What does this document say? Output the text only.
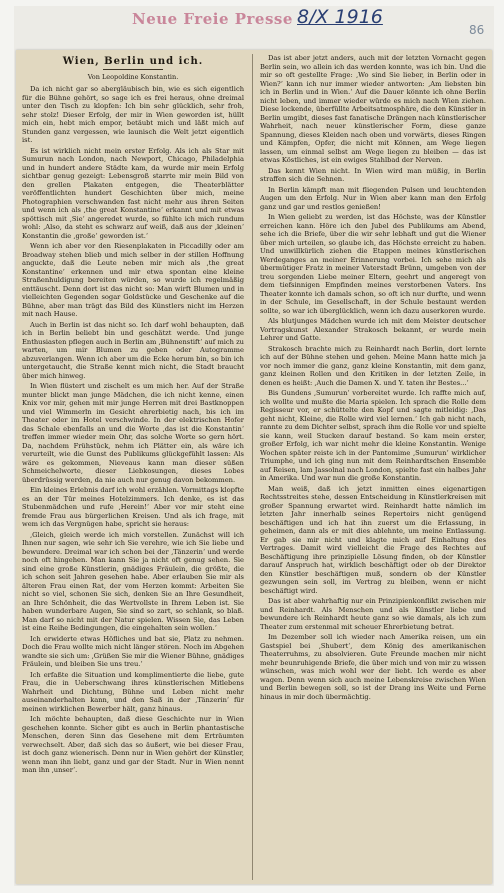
Neue Freie Presse 8/X 1916
86
Wien, Berlin und ich.
Von Leopoldine Konstantin.

Da ich nicht gar so abergläubisch bin, wie es sich eigentlich für die Bühne gehört, so sage ich es frei heraus, ohne dreimal unter den Tisch zu klopfen: Ich bin sehr glücklich, sehr froh, sehr stolz! Dieser Erfolg, der mir in Wien geworden ist, hüllt mich ein, hebt mich empor, betäubt mich und läßt mich auf Stunden ganz vergessen, wie launisch die Welt jetzt eigentlich ist.

Es ist wirklich nicht mein erster Erfolg. Als ich als Star mit Sumurun nach London, nach Newport, Chicago, Philadelphia und in hundert andere Städte kam, da wurde mir mein Erfolg sichtbar genug gezeigt: Lebensgroß starrte mir mein Bild von den grellen Plakaten entgegen, die Theaterblätter veröffentlichten hundert Geschichten über mich, meine Photographien verschwanden fast nicht mehr aus ihren Seiten und wenn ich als ‚the great Konstantine‘ erkannt und mit etwas spöttisch mit ‚Sie‘ angeredet wurde, so fühlte ich mich rundum wohl: ‚Also, da steht es schwarz auf weiß, daß aus der ‚kleinen‘ Konstantin die ‚große‘ geworden ist.‘

Wenn ich aber vor den Riesenplakaten in Piccadilly oder am Broadway stehen blieb und mich selber in der stillen Hoffnung anguckte, daß die Leute neben mir mich als ‚the great Konstantine‘ erkennen und mir etwa spontan eine kleine Straßenhuldigung bereiten würden, so wurde ich regelmäßig enttäuscht. Denn dort ist das nicht so: Man wirft Blumen und in vielleichten Gegenden sogar Goldstücke und Geschenke auf die Bühne, aber man trägt das Bild des Künstlers nicht im Herzen mit nach Hause.

Auch in Berlin ist das nicht so. Ich darf wohl behaupten, daß ich in Berlin beliebt bin und geschätzt werde. Und junge Enthusiasten pflegen auch in Berlin am ‚Bühnenstift‘ auf mich zu warten, um mir Blumen zu geben oder Autogramme abzuverlangen. Wenn ich aber um die Ecke herum bin, so bin ich untergetaucht, die Straße kennt mich nicht, die Stadt braucht über mich hinweg.

In Wien flüstert und zischelt es um mich her. Auf der Straße munter blickt man junge Mädchen, die ich nicht kenne, einen Knix vor mir, gehen mit mir junge Herren mit drei Bastknoppen und viel Wimmerln im Gesicht ehrerbietig nach, bis ich im Theater oder im Hotel verschwinde. In der elektrischen Hofer das Schale ebenfalls an und die Worte ‚das ist die Konstantin‘ treffen immer wieder mein Ohr, das solche Worte so gern hört. Da, nachdem Frühstück, nehm ich Plätter ein, als wäre ich verurteilt, wie die Gunst des Publikums glückgefühlt lassen: Als wäre es gekommen, Nieveaus kann man dieser süßen Schmeichelworte, dieser Liebkosungen, dieses Lobes überdrüssig werden, da nie auch nur genug davon bekommen.

Ein kleines Erlebnis darf ich wohl erzählen. Vormittags klopfte es an der Tür meines Hotelzimmers. Ich denke, es ist das Stubenmädchen und rufe ‚Herein!‘ Aber vor mir steht eine fremde Frau aus bürgerlichen Kreisen. Und als ich frage, mit wem ich das Vergnügen habe, spricht sie heraus:

‚Gleich, gleich werde ich mich vorstellen. Zunächst will ich Ihnen nur sagen, wie sehr ich Sie verehre, wie ich Sie liebe und bewundere. Dreimal war ich schon bei der ‚Tänzerin‘ und werde noch oft hingehen. Man kann Sie ja nicht oft genug sehen. Sie sind eine große Künstlerin, gnädiges Fräulein, die größte, die ich schon seit Jahren gesehen habe. Aber erlauben Sie mir als älteren Frau einen Rat, der vom Herzen kommt: Arbeiten Sie nicht so viel, schonen Sie sich, denken Sie an Ihre Gesundheit, an Ihre Schönheit, die das Wertvollste in Ihrem Leben ist. Sie haben wunderbare Augen, Sie sind so zart, so schlank, so blaß. Man darf so nicht mit der Natur spielen. Wissen Sie, das Leben ist eine Reihe Bedingungen, die eingehalten sein wollen.‘

Ich erwiderte etwas Höfliches und bat sie, Platz zu nehmen. Doch die Frau wollte mich nicht länger stören. Noch im Abgehen wandte sie sich um: ‚Grüßen Sie mir die Wiener Bühne, gnädiges Fräulein, und bleiben Sie uns treu.‘

Ich erfaßte die Situation und komplimentierte die liebe, gute Frau, die in Ueberschwang ihres künstlerischen Mitlebens Wahrheit und Dichtung, Bühne und Leben nicht mehr auseinanderhalten kann, und den Saß in der ‚Tänzerin‘ für meinen wirklichen Bewerber hält, ganz hinaus.

Ich möchte behaupten, daß diese Geschichte nur in Wien geschehen konnte. Sicher gibt es auch in Berlin phantastische Menschen, deren Sinn das Gesehene mit dem Erträumten verwechselt. Aber, daß sich das so äußert, wie bei dieser Frau, ist doch ganz wienerisch. Denn nur in Wien gehört der Künstler, wenn man ihn liebt, ganz und gar der Stadt. Nur in Wien nennt man ihn ‚unser‘.

Das ist aber jetzt anders, auch mit der letzten Vornacht gegen Berlin sein, wo allein ich das werden konnte, was ich bin. Und die mir so oft gestellte Frage: ‚Wo sind Sie lieber, in Berlin oder in Wien?‘ kann ich nur immer wieder antworten: ‚Am liebsten bin ich in Berlin und in Wien.‘ Auf die Dauer könnte ich ohne Berlin nicht leben, und immer wieder würde es mich nach Wien ziehen. Diese lockende, überfüllte Arbeitsatmosphäre, die den Künstler in Berlin umgibt, dieses fast fanatische Drängen nach künstlerischer Wahrheit, nach neuer künstlerischer Form, diese ganze Spannung, dieses Kleiden nach oben und vorwärts, dieses Ringen und Kämpfen, Opfer, die nicht mit Können, am Wege liegen lassen, um einmal selbst am Wege liegen zu bleiben — das ist etwas Köstliches, ist ein ewiges Stahlbad der Nerven.

Das kennt Wien nicht. In Wien wird man müßig, in Berlin straffen sich die Sehnen.

In Berlin kämpft man mit fliegenden Pulsen und leuchtenden Augen um den Erfolg. Nur in Wien aber kann man den Erfolg ganz und gar und restlos genießen!

In Wien geliebt zu werden, ist das Höchste, was der Künstler erreichen kann. Höre ich den Jubel des Publikums am Abend, sehe ich die Briefe, über die wir sehr lebhaft und gut die Wiener über mich urteilen, so glaube ich, das Höchste erreicht zu haben. Und unwillkürlich ziehen die Etappen meines künstlerischen Werdeganges an meiner Erinnerung vorbei. Ich sehe mich als übermütiger Fratz in meiner Vaterstadt Brünn, umgeben von der treu sorgenden Liebe meiner Eltern, geehrt und angeregt von dem tiefsinnigen Empfinden meines verstorbenen Vaters. Ins Theater konnte ich damals schon, so oft ich nur durfte, und wenn in der Schule, im Gesellschaft, in der Schule bestaunt werden sollte, so war ich überglücklich, wenn ich dazu auserkoren wurde.

Als blutjunges Mädchen wurde ich mit dem Meister deutscher Vortragskunst Alexander Strakosch bekannt, er wurde mein Lehrer und Gatte.

Strakosch brachte mich zu Reinhardt nach Berlin, dort lernte ich auf der Bühne stehen und gehen. Meine Mann hatte mich ja vor noch immer die ganz, ganz kleine Konstantin, mit dem ganz, ganz kleinen Rollen und den Kritiken in der letzten Zeile, in denen es heißt: ‚Auch die Damen X. und Y. taten ihr Bestes...‘

Bis Gundens ‚Sumurun‘ vorbereitet wurde. Ich raffte mich auf, ich wollte und mußte die Maria spielen. Ich sprach die Rolle dem Regisseur vor, er schüttelte den Kopf und sagte mitleidig: ‚Das geht nicht, Kleine, die Rolle wird viel lernen.‘ Ich gab nicht nach, rannte zu dem Dichter selbst, sprach ihm die Rolle vor und spielte sie kann, weil Stucken darauf bestand. So kam mein erster, großer Erfolg, ich war nicht mehr die kleine Konstantin. Wenige Wochen später reiste ich in der Pantomime ‚Sumurun‘ wirklicher Triumphe, und ich ging nun mit dem Reinhardtschen Ensemble auf Reisen, lam Jassolnal nach London, spielte fast ein halbes Jahr in Amerika. Und war nun die große Konstantin.

Man weiß, daß ich jetzt inmitten eines eigenartigen Rechtsstreites stehe, dessen Entscheidung in Künstlerkreisen mit großer Spannung erwartet wird. Reinhardt hatte nämlich im letzten Jahr innerhalb seines Repertoirs nicht genügend beschäftigen und ich hat ihn zuerst um die Erlassung, in geheimen, dann als er mit dies ablehnte, um meine Entlassung. Er gab sie mir nicht und klagte mich auf Einhaltung des Vertrages. Damit wird vielleicht die Frage des Rechtes auf Beschäftigung ihre prinzipielle Lösung finden, ob der Künstler darauf Anspruch hat, wirklich beschäftigt oder ob der Direktor den Künstler beschäftigen muß, sondern ob der Künstler gezwungen sein soll, im Vertrag zu bleiben, wenn er nicht beschäftigt wird.

Das ist aber wahrhaftig nur ein Prinzipienkonflikt zwischen mir und Reinhardt. Als Menschen und als Künstler liebe und bewundere ich Reinhardt heute ganz so wie damals, als ich zum Theater zum erstenmal mit scheuer Ehrerbietung betrat.

Im Dezember soll ich wieder nach Amerika reisen, um ein Gastspiel bei ‚Shubert‘, dem König des amerikanischen Theaterruhms, zu absolvieren. Gute Freunde machen mir nicht mehr beunruhigende Briefe, die über mich und von mir zu wissen wünschen, was mich wohl wer der liebt. Ich werde es aber wagen. Denn wenn sich auch meine Lebenskreise zwischen Wien und Berlin bewegen soll, so ist der Drang ins Weite und Ferne hinaus in mir doch übermächtig.
